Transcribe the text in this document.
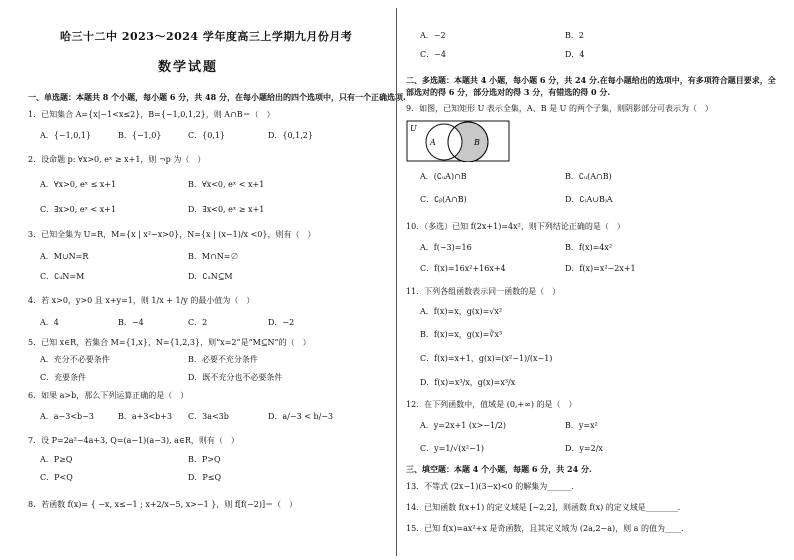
哈三十二中 2023～2024 学年度高三上学期九月份月考
数学试题
一、单选题：本题共 8 个小题，每小题 6 分，共 48 分，在每小题给出的四个选项中，只有一个正确选项.
1．已知集合 A={x|−1<x≤2}，B={−1,0,1,2}，则 A∩B＝（　）
A．{−1,0,1}	B．{−1,0}	C．{0,1}	D．{0,1,2}
2．设命题 p: ∀x>0, eˣ ≥ x+1，则 ¬p 为（　）
A．∀x>0, eˣ ≤ x+1	B．∀x<0, eˣ < x+1
C．∃x>0, eˣ < x+1	D．∃x<0, eˣ ≥ x+1
3．已知全集为 U=R，M={x | x²−x>0}，N={x | (x−1)/x <0}，则有（　）
A．M∪N=R	B．M∩N=∅
C．∁ᵤN=M	D．∁ᵤN⊆M
4．若 x>0，y>0 且 x+y=1，则 1/x + 1/y 的最小值为（　）
A．4	B．−4	C．2	D．−2
5．已知 x∈R，若集合 M={1,x}，N={1,2,3}，则“x=2”是“M⊆N”的（　）
A．充分不必要条件	B．必要不充分条件
C．充要条件	D．既不充分也不必要条件
6．如果 a>b，那么下列运算正确的是（　）
A．a−3<b−3	B．a+3<b+3 C．3a<3b	D．a/−3 < b/−3
7．设 P=2a²−4a+3, Q=(a−1)(a−3), a∈R，则有（　）
A．P≥Q	B．P>Q
C．P<Q	D．P≤Q
8．若函数 f(x)= { −x, x≤−1 ; x+2/x−5, x>−1 }，则 f[f(−2)]＝（　）
A．−2	B．2
C．−4	D．4
二、多选题：本题共 4 小题，每小题 6 分，共 24 分.在每小题给出的选项中，有多项符合题目要求，全
部选对的得 6 分，部分选对的得 3 分，有错选的得 0 分.
9．如图，已知矩形 U 表示全集，A、B 是 U 的两个子集，则阴影部分可表示为（　）
U
A	B
A．(∁ᵤA)∩B	B．∁ᵤ(A∩B)
C．∁ᵦ(A∩B)	D．∁₍A∪B₎A
10．（多选）已知 f(2x+1)=4x²，则下列结论正确的是（　）
A．f(−3)=16	B．f(x)=4x²
C．f(x)=16x²+16x+4	D．f(x)=x²−2x+1
11．下列各组函数表示同一函数的是（　）
A．f(x)=x，g(x)=√x²
B．f(x)=x，g(x)=∛x³
C．f(x)=x+1，g(x)=(x²−1)/(x−1)
D．f(x)=x³/x，g(x)=x³/x
12．在下列函数中，值域是 (0,+∞) 的是（　）
A．y=2x+1 (x>−1/2)	B．y=x²
C．y=1/√(x²−1)	D．y=2/x
三、填空题：本题 4 个小题，每题 6 分，共 24 分.
13．不等式 (2x−1)(3−x)<0 的解集为______.
14．已知函数 f(x+1) 的定义域是 [−2,2]，则函数 f(x) 的定义域是________.
15．已知 f(x)=ax²+x 是奇函数，且其定义域为 (2a,2−a)，则 a 的值为____.
